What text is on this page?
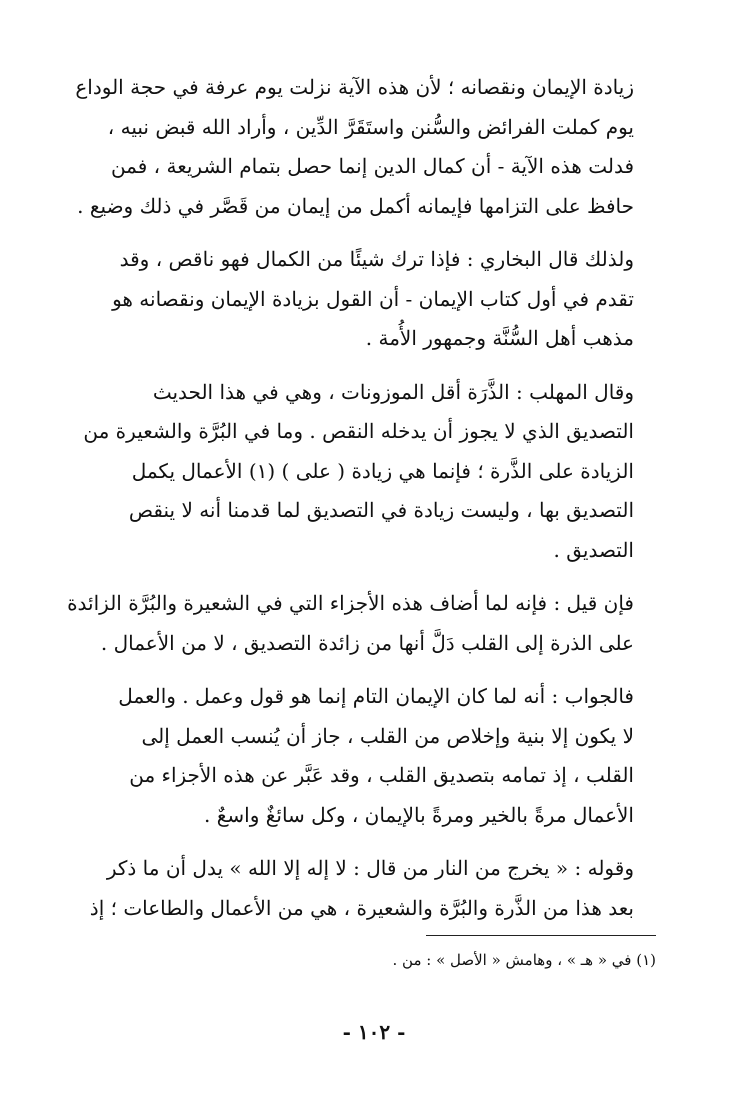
زيادة الإيمان ونقصانه ؛ لأن هذه الآية نزلت يوم عرفة في حجة الوداع
يوم كملت الفرائض والسُّنن واستَقَرَّ الدِّين ، وأراد الله قبض نبيه ،
فدلت هذه الآية - أن كمال الدين إنما حصل بتمام الشريعة ، فمن
حافظ على التزامها فإيمانه أكمل من إيمان من قَصَّر في ذلك وضيع .

ولذلك قال البخاري : فإذا ترك شيئًا من الكمال فهو ناقص ، وقد
تقدم في أول كتاب الإيمان - أن القول بزيادة الإيمان ونقصانه هو
مذهب أهل السُّنَّة وجمهور الأُمة .

وقال المهلب : الذَّرَة أقل الموزونات ، وهي في هذا الحديث
التصديق الذي لا يجوز أن يدخله النقص . وما في البُرَّة والشعيرة من
الزيادة على الذَّرة ؛ فإنما هي زيادة ( على ) (١) الأعمال يكمل
التصديق بها ، وليست زيادة في التصديق لما قدمنا أنه لا ينقص
التصديق .

فإن قيل : فإنه لما أضاف هذه الأجزاء التي في الشعيرة والبُرَّة الزائدة
على الذرة إلى القلب دَلَّ أنها من زائدة التصديق ، لا من الأعمال .

فالجواب : أنه لما كان الإيمان التام إنما هو قول وعمل . والعمل
لا يكون إلا بنية وإخلاص من القلب ، جاز أن يُنسب العمل إلى
القلب ، إذ تمامه بتصديق القلب ، وقد عَبَّر عن هذه الأجزاء من
الأعمال مرةً بالخير ومرةً بالإيمان ، وكل سائغٌ واسعٌ .

وقوله : « يخرج من النار من قال : لا إله إلا الله » يدل أن ما ذكر
بعد هذا من الذَّرة والبُرَّة والشعيرة ، هي من الأعمال والطاعات ؛ إذ

(١) في « هـ » ، وهامش « الأصل » : من .
- ١٠٢ -
